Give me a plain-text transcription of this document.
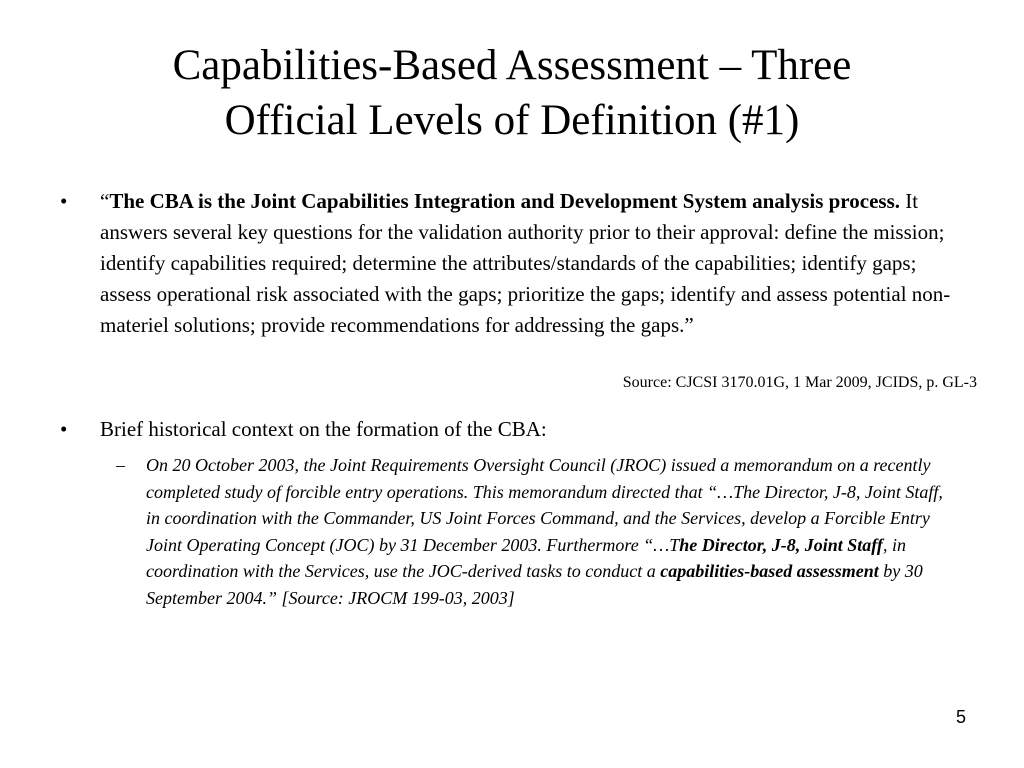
Capabilities-Based Assessment – Three
Official Levels of Definition (#1)
• “The CBA is the Joint Capabilities Integration and Development System analysis process. It answers several key questions for the validation authority prior to their approval: define the mission; identify capabilities required; determine the attributes/standards of the capabilities; identify gaps; assess operational risk associated with the gaps; prioritize the gaps; identify and assess potential non-materiel solutions; provide recommendations for addressing the gaps.”
Source: CJCSI 3170.01G, 1 Mar 2009, JCIDS, p. GL-3
• Brief historical context on the formation of the CBA:
– On 20 October 2003, the Joint Requirements Oversight Council (JROC) issued a memorandum on a recently completed study of forcible entry operations. This memorandum directed that “…The Director, J-8, Joint Staff, in coordination with the Commander, US Joint Forces Command, and the Services, develop a Forcible Entry Joint Operating Concept (JOC) by 31 December 2003. Furthermore “…The Director, J-8, Joint Staff, in coordination with the Services, use the JOC-derived tasks to conduct a capabilities-based assessment by 30 September 2004.” [Source: JROCM 199-03, 2003]
5
